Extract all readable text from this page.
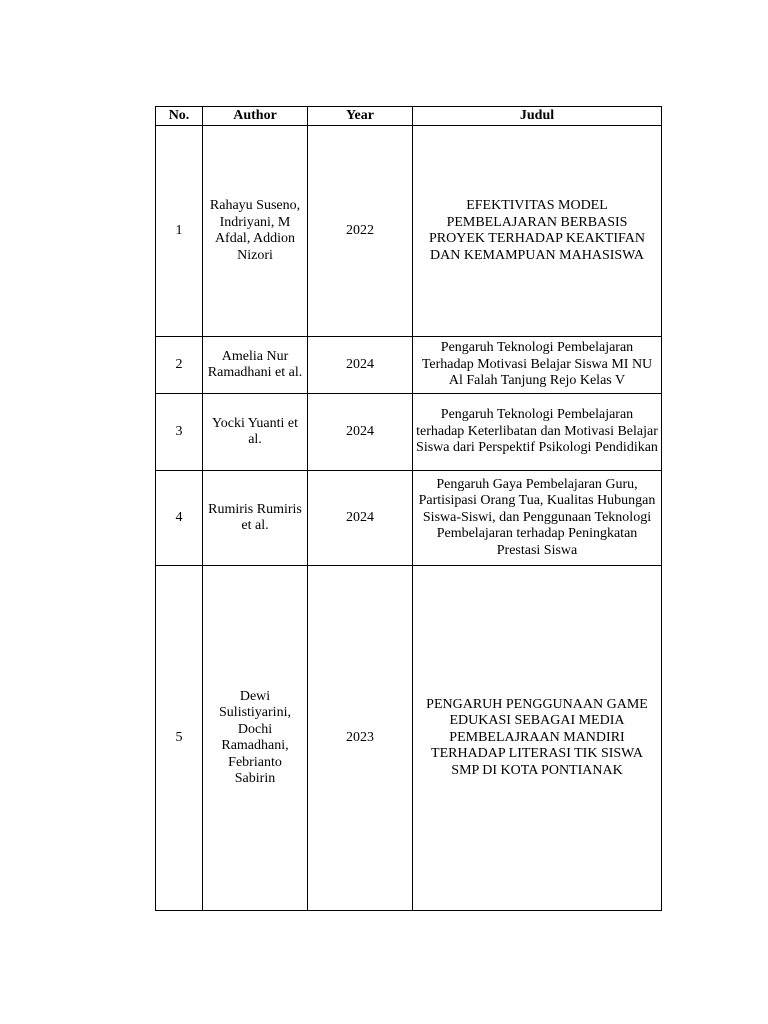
No.	Author	Year	Judul
1	Rahayu Suseno, Indriyani, M Afdal, Addion Nizori	2022	EFEKTIVITAS MODEL PEMBELAJARAN BERBASIS PROYEK TERHADAP KEAKTIFAN DAN KEMAMPUAN MAHASISWA

2	Amelia Nur Ramadhani et al.	2024	Pengaruh Teknologi Pembelajaran Terhadap Motivasi Belajar Siswa MI NU Al Falah Tanjung Rejo Kelas V
3	Yocki Yuanti et al.	2024	Pengaruh Teknologi Pembelajaran terhadap Keterlibatan dan Motivasi Belajar Siswa dari Perspektif Psikologi Pendidikan
4	Rumiris Rumiris et al.	2024	Pengaruh Gaya Pembelajaran Guru, Partisipasi Orang Tua, Kualitas Hubungan Siswa-Siswi, dan Penggunaan Teknologi Pembelajaran terhadap Peningkatan Prestasi Siswa
5	Dewi Sulistiyarini, Dochi Ramadhani, Febrianto Sabirin	2023	PENGARUH PENGGUNAAN GAME EDUKASI SEBAGAI MEDIA PEMBELAJRAAN MANDIRI TERHADAP LITERASI TIK SISWA SMP DI KOTA PONTIANAK
